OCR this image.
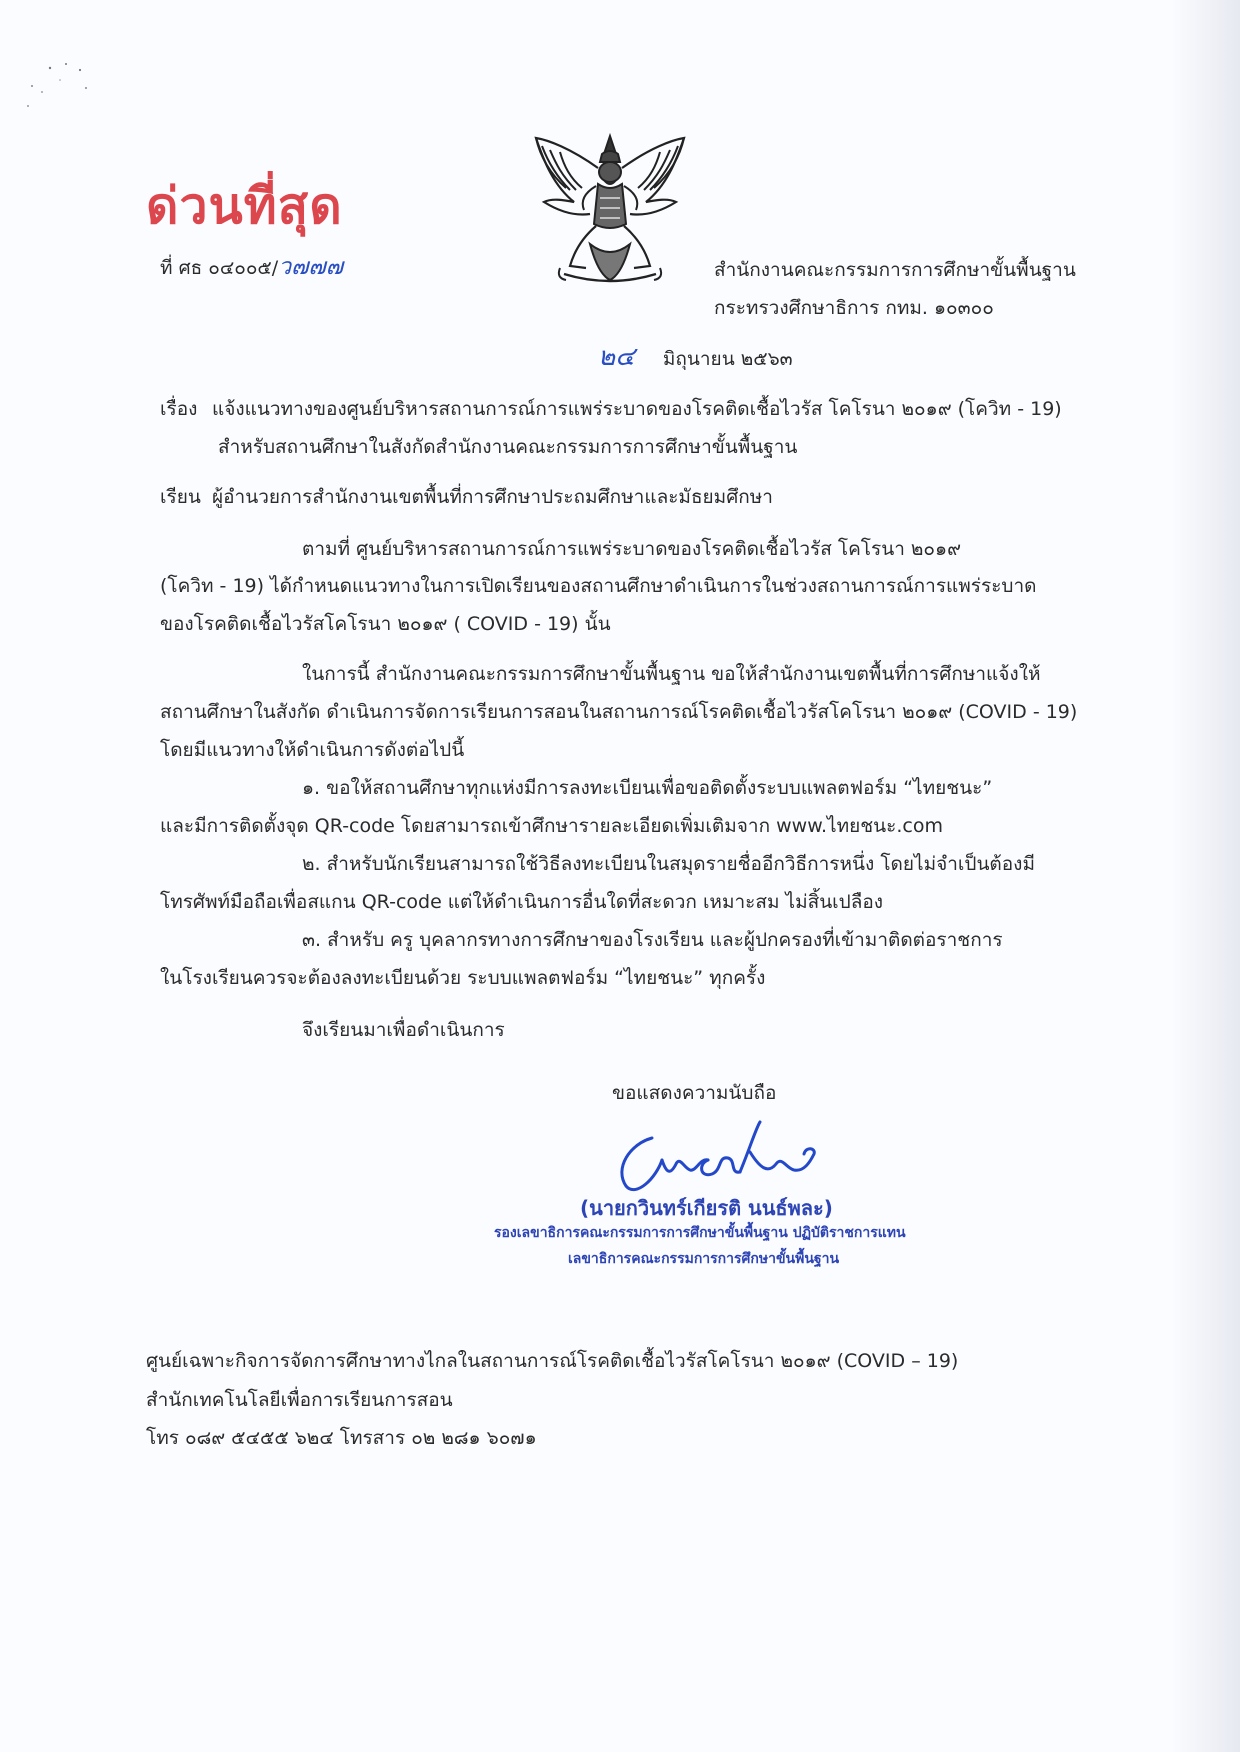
ด่วนที่สุด
ที่ ศธ ๐๔๐๐๕/ว๗๗๗	สำนักงานคณะกรรมการการศึกษาขั้นพื้นฐาน
กระทรวงศึกษาธิการ กทม. ๑๐๓๐๐
๒๔ มิถุนายน ๒๕๖๓
เรื่อง แจ้งแนวทางของศูนย์บริหารสถานการณ์การแพร่ระบาดของโรคติดเชื้อไวรัส โคโรนา ๒๐๑๙ (โควิท - 19)
สำหรับสถานศึกษาในสังกัดสำนักงานคณะกรรมการการศึกษาขั้นพื้นฐาน
เรียน ผู้อำนวยการสำนักงานเขตพื้นที่การศึกษาประถมศึกษาและมัธยมศึกษา
ตามที่ ศูนย์บริหารสถานการณ์การแพร่ระบาดของโรคติดเชื้อไวรัส โคโรนา ๒๐๑๙
(โควิท - 19) ได้กำหนดแนวทางในการเปิดเรียนของสถานศึกษาดำเนินการในช่วงสถานการณ์การแพร่ระบาด
ของโรคติดเชื้อไวรัสโคโรนา ๒๐๑๙ ( COVID - 19) นั้น
ในการนี้ สำนักงานคณะกรรมการศึกษาขั้นพื้นฐาน ขอให้สำนักงานเขตพื้นที่การศึกษาแจ้งให้
สถานศึกษาในสังกัด ดำเนินการจัดการเรียนการสอนในสถานการณ์โรคติดเชื้อไวรัสโคโรนา ๒๐๑๙ (COVID - 19)
โดยมีแนวทางให้ดำเนินการดังต่อไปนี้
๑. ขอให้สถานศึกษาทุกแห่งมีการลงทะเบียนเพื่อขอติดตั้งระบบแพลตฟอร์ม “ไทยชนะ”
และมีการติดตั้งจุด QR-code โดยสามารถเข้าศึกษารายละเอียดเพิ่มเติมจาก www.ไทยชนะ.com
๒. สำหรับนักเรียนสามารถใช้วิธีลงทะเบียนในสมุดรายชื่ออีกวิธีการหนึ่ง โดยไม่จำเป็นต้องมี
โทรศัพท์มือถือเพื่อสแกน QR-code แต่ให้ดำเนินการอื่นใดที่สะดวก เหมาะสม ไม่สิ้นเปลือง
๓. สำหรับ ครู บุคลากรทางการศึกษาของโรงเรียน และผู้ปกครองที่เข้ามาติดต่อราชการ
ในโรงเรียนควรจะต้องลงทะเบียนด้วย ระบบแพลตฟอร์ม “ไทยชนะ” ทุกครั้ง
จึงเรียนมาเพื่อดำเนินการ
ขอแสดงความนับถือ
(นายกวินทร์เกียรติ นนธ์พละ)
รองเลขาธิการคณะกรรมการการศึกษาขั้นพื้นฐาน ปฏิบัติราชการแทน
เลขาธิการคณะกรรมการการศึกษาขั้นพื้นฐาน
ศูนย์เฉพาะกิจการจัดการศึกษาทางไกลในสถานการณ์โรคติดเชื้อไวรัสโคโรนา ๒๐๑๙ (COVID – 19)
สำนักเทคโนโลยีเพื่อการเรียนการสอน
โทร ๐๘๙ ๕๔๕๕ ๖๒๔ โทรสาร ๐๒ ๒๘๑ ๖๐๗๑
